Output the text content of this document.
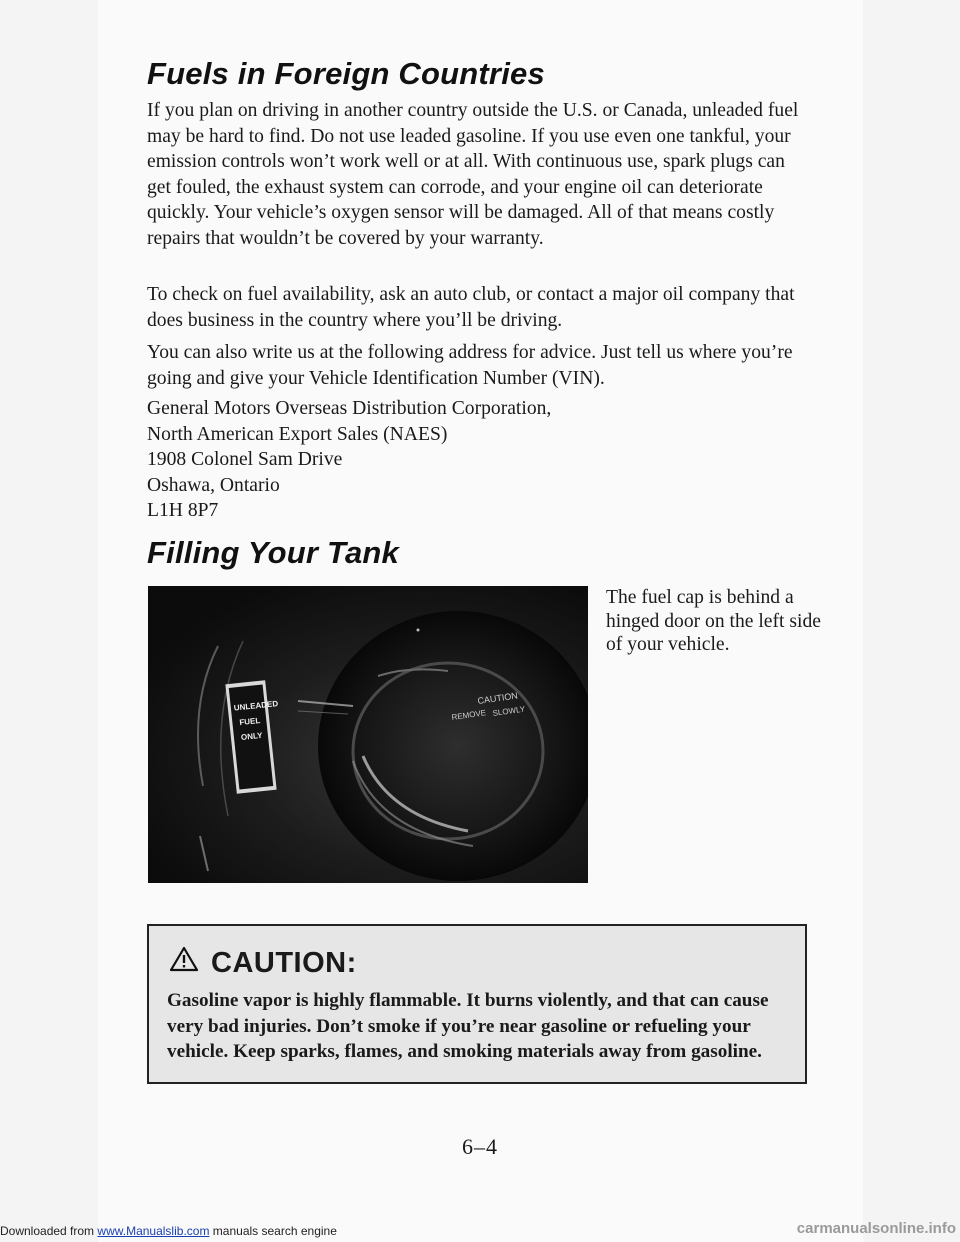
Fuels in Foreign Countries

If you plan on driving in another country outside the U.S. or Canada, unleaded fuel may be hard to find. Do not use leaded gasoline. If you use even one tankful, your emission controls won’t work well or at all. With continuous use, spark plugs can get fouled, the exhaust system can corrode, and your engine oil can deteriorate quickly. Your vehicle’s oxygen sensor will be damaged. All of that means costly repairs that wouldn’t be covered by your warranty.

To check on fuel availability, ask an auto club, or contact a major oil company that does business in the country where you’ll be driving.

You can also write us at the following address for advice. Just tell us where you’re going and give your Vehicle Identification Number (VIN).

General Motors Overseas Distribution Corporation,
North American Export Sales (NAES)
1908 Colonel Sam Drive
Oshawa, Ontario
L1H 8P7
Filling Your Tank
CAUTION
REMOVE SLOWLY
UNLEADED
FUEL
ONLY

The fuel cap is behind a hinged door on the left side of your vehicle.

CAUTION:

Gasoline vapor is highly flammable. It burns violently, and that can cause very bad injuries. Don’t smoke if you’re near gasoline or refueling your vehicle. Keep sparks, flames, and smoking materials away from gasoline.

6–4
Downloaded from www.Manualslib.com manuals search engine	carmanualsonline.info
